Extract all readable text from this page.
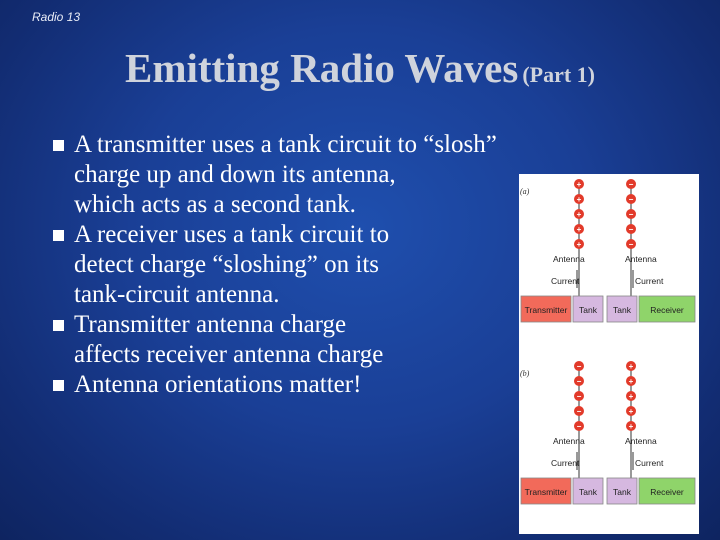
Radio 13
Emitting Radio Waves (Part 1)
A transmitter uses a tank circuit to “slosh”
charge up and down its antenna,
which acts as a second tank.
A receiver uses a tank circuit to
detect charge “sloshing” on its
tank-circuit antenna.
Transmitter antenna charge
affects receiver antenna charge
Antenna orientations matter!
(a)
+
+
+
+
+
−
−
−
−
−
Antenna	Antenna
Current	Current
Transmitter Tank Tank Receiver
(b)
−
−
−
−
−
+
+
+
+
+
Antenna	Antenna
Current	Current
Transmitter Tank Tank Receiver
